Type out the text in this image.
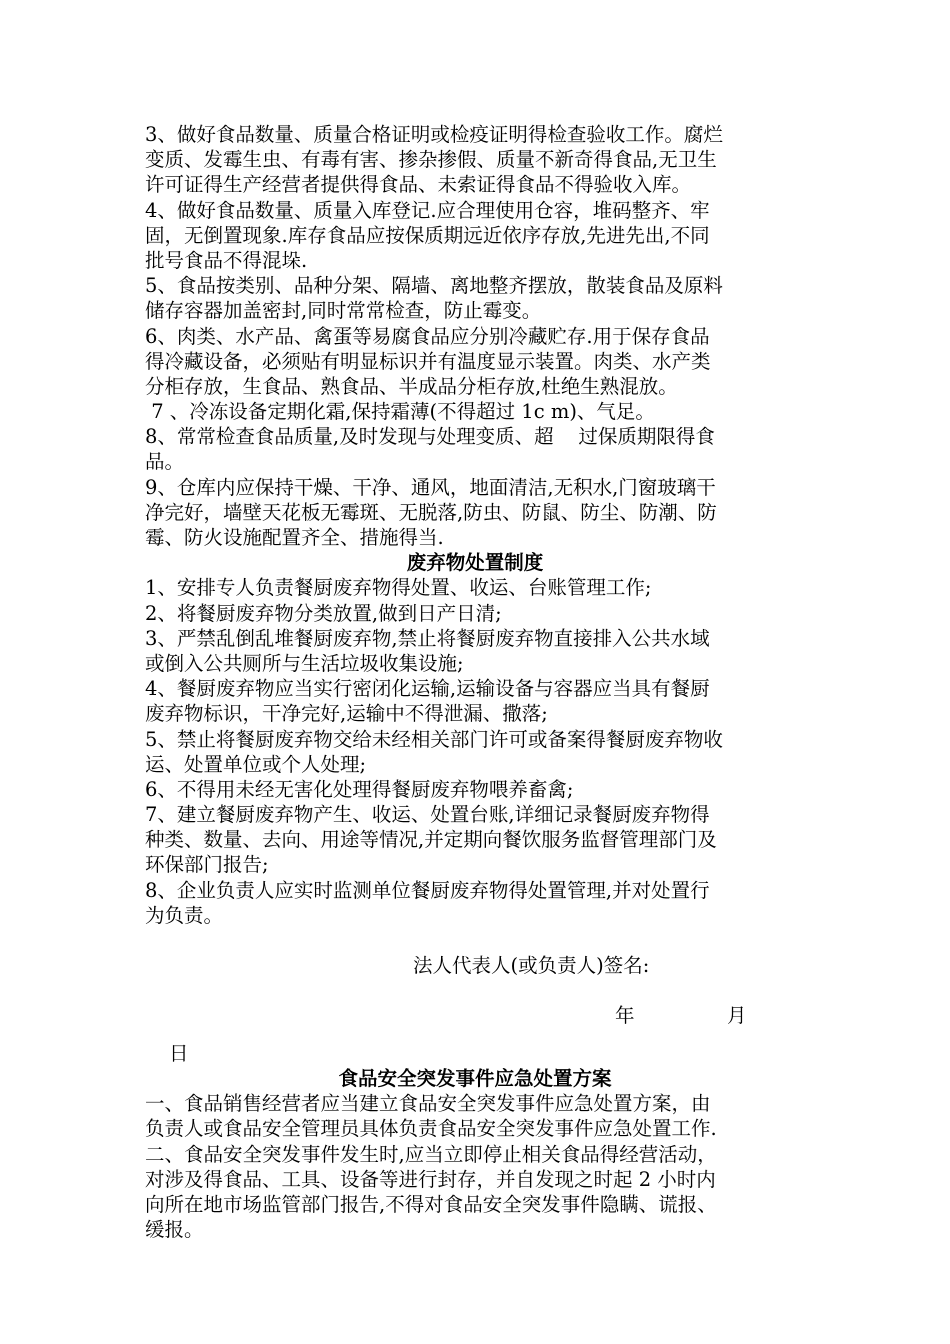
3、做好食品数量、质量合格证明或检疫证明得检查验收工作。腐烂
变质、发霉生虫、有毒有害、掺杂掺假、质量不新奇得食品,无卫生
许可证得生产经营者提供得食品、未索证得食品不得验收入库。
4、做好食品数量、质量入库登记.应合理使用仓容，堆码整齐、牢
固，无倒置现象.库存食品应按保质期远近依序存放,先进先出,不同
批号食品不得混垛.
5、食品按类别、品种分架、隔墙、离地整齐摆放，散装食品及原料
储存容器加盖密封,同时常常检查，防止霉变。
6、肉类、水产品、禽蛋等易腐食品应分别冷藏贮存.用于保存食品
得冷藏设备，必须贴有明显标识并有温度显示装置。肉类、水产类
分柜存放，生食品、熟食品、半成品分柜存放,杜绝生熟混放。
7 、冷冻设备定期化霜,保持霜薄(不得超过 1c m)、气足。
8、常常检查食品质量,及时发现与处理变质、超    过保质期限得食
品。
9、仓库内应保持干燥、干净、通风，地面清洁,无积水,门窗玻璃干
净完好，墙壁天花板无霉斑、无脱落,防虫、防鼠、防尘、防潮、防
霉、防火设施配置齐全、措施得当.
废弃物处置制度
1、安排专人负责餐厨废弃物得处置、收运、台账管理工作;
2、将餐厨废弃物分类放置,做到日产日清;
3、严禁乱倒乱堆餐厨废弃物,禁止将餐厨废弃物直接排入公共水域
或倒入公共厕所与生活垃圾收集设施;
4、餐厨废弃物应当实行密闭化运输,运输设备与容器应当具有餐厨
废弃物标识，干净完好,运输中不得泄漏、撒落;
5、禁止将餐厨废弃物交给未经相关部门许可或备案得餐厨废弃物收
运、处置单位或个人处理;
6、不得用未经无害化处理得餐厨废弃物喂养畜禽;
7、建立餐厨废弃物产生、收运、处置台账,详细记录餐厨废弃物得
种类、数量、去向、用途等情况,并定期向餐饮服务监督管理部门及
环保部门报告;
8、企业负责人应实时监测单位餐厨废弃物得处置管理,并对处置行
为负责。
法人代表人(或负责人)签名:
年	月
日
食品安全突发事件应急处置方案
一、食品销售经营者应当建立食品安全突发事件应急处置方案，由
负责人或食品安全管理员具体负责食品安全突发事件应急处置工作.
二、食品安全突发事件发生时,应当立即停止相关食品得经营活动，
对涉及得食品、工具、设备等进行封存，并自发现之时起 2 小时内
向所在地市场监管部门报告,不得对食品安全突发事件隐瞒、谎报、
缓报。
